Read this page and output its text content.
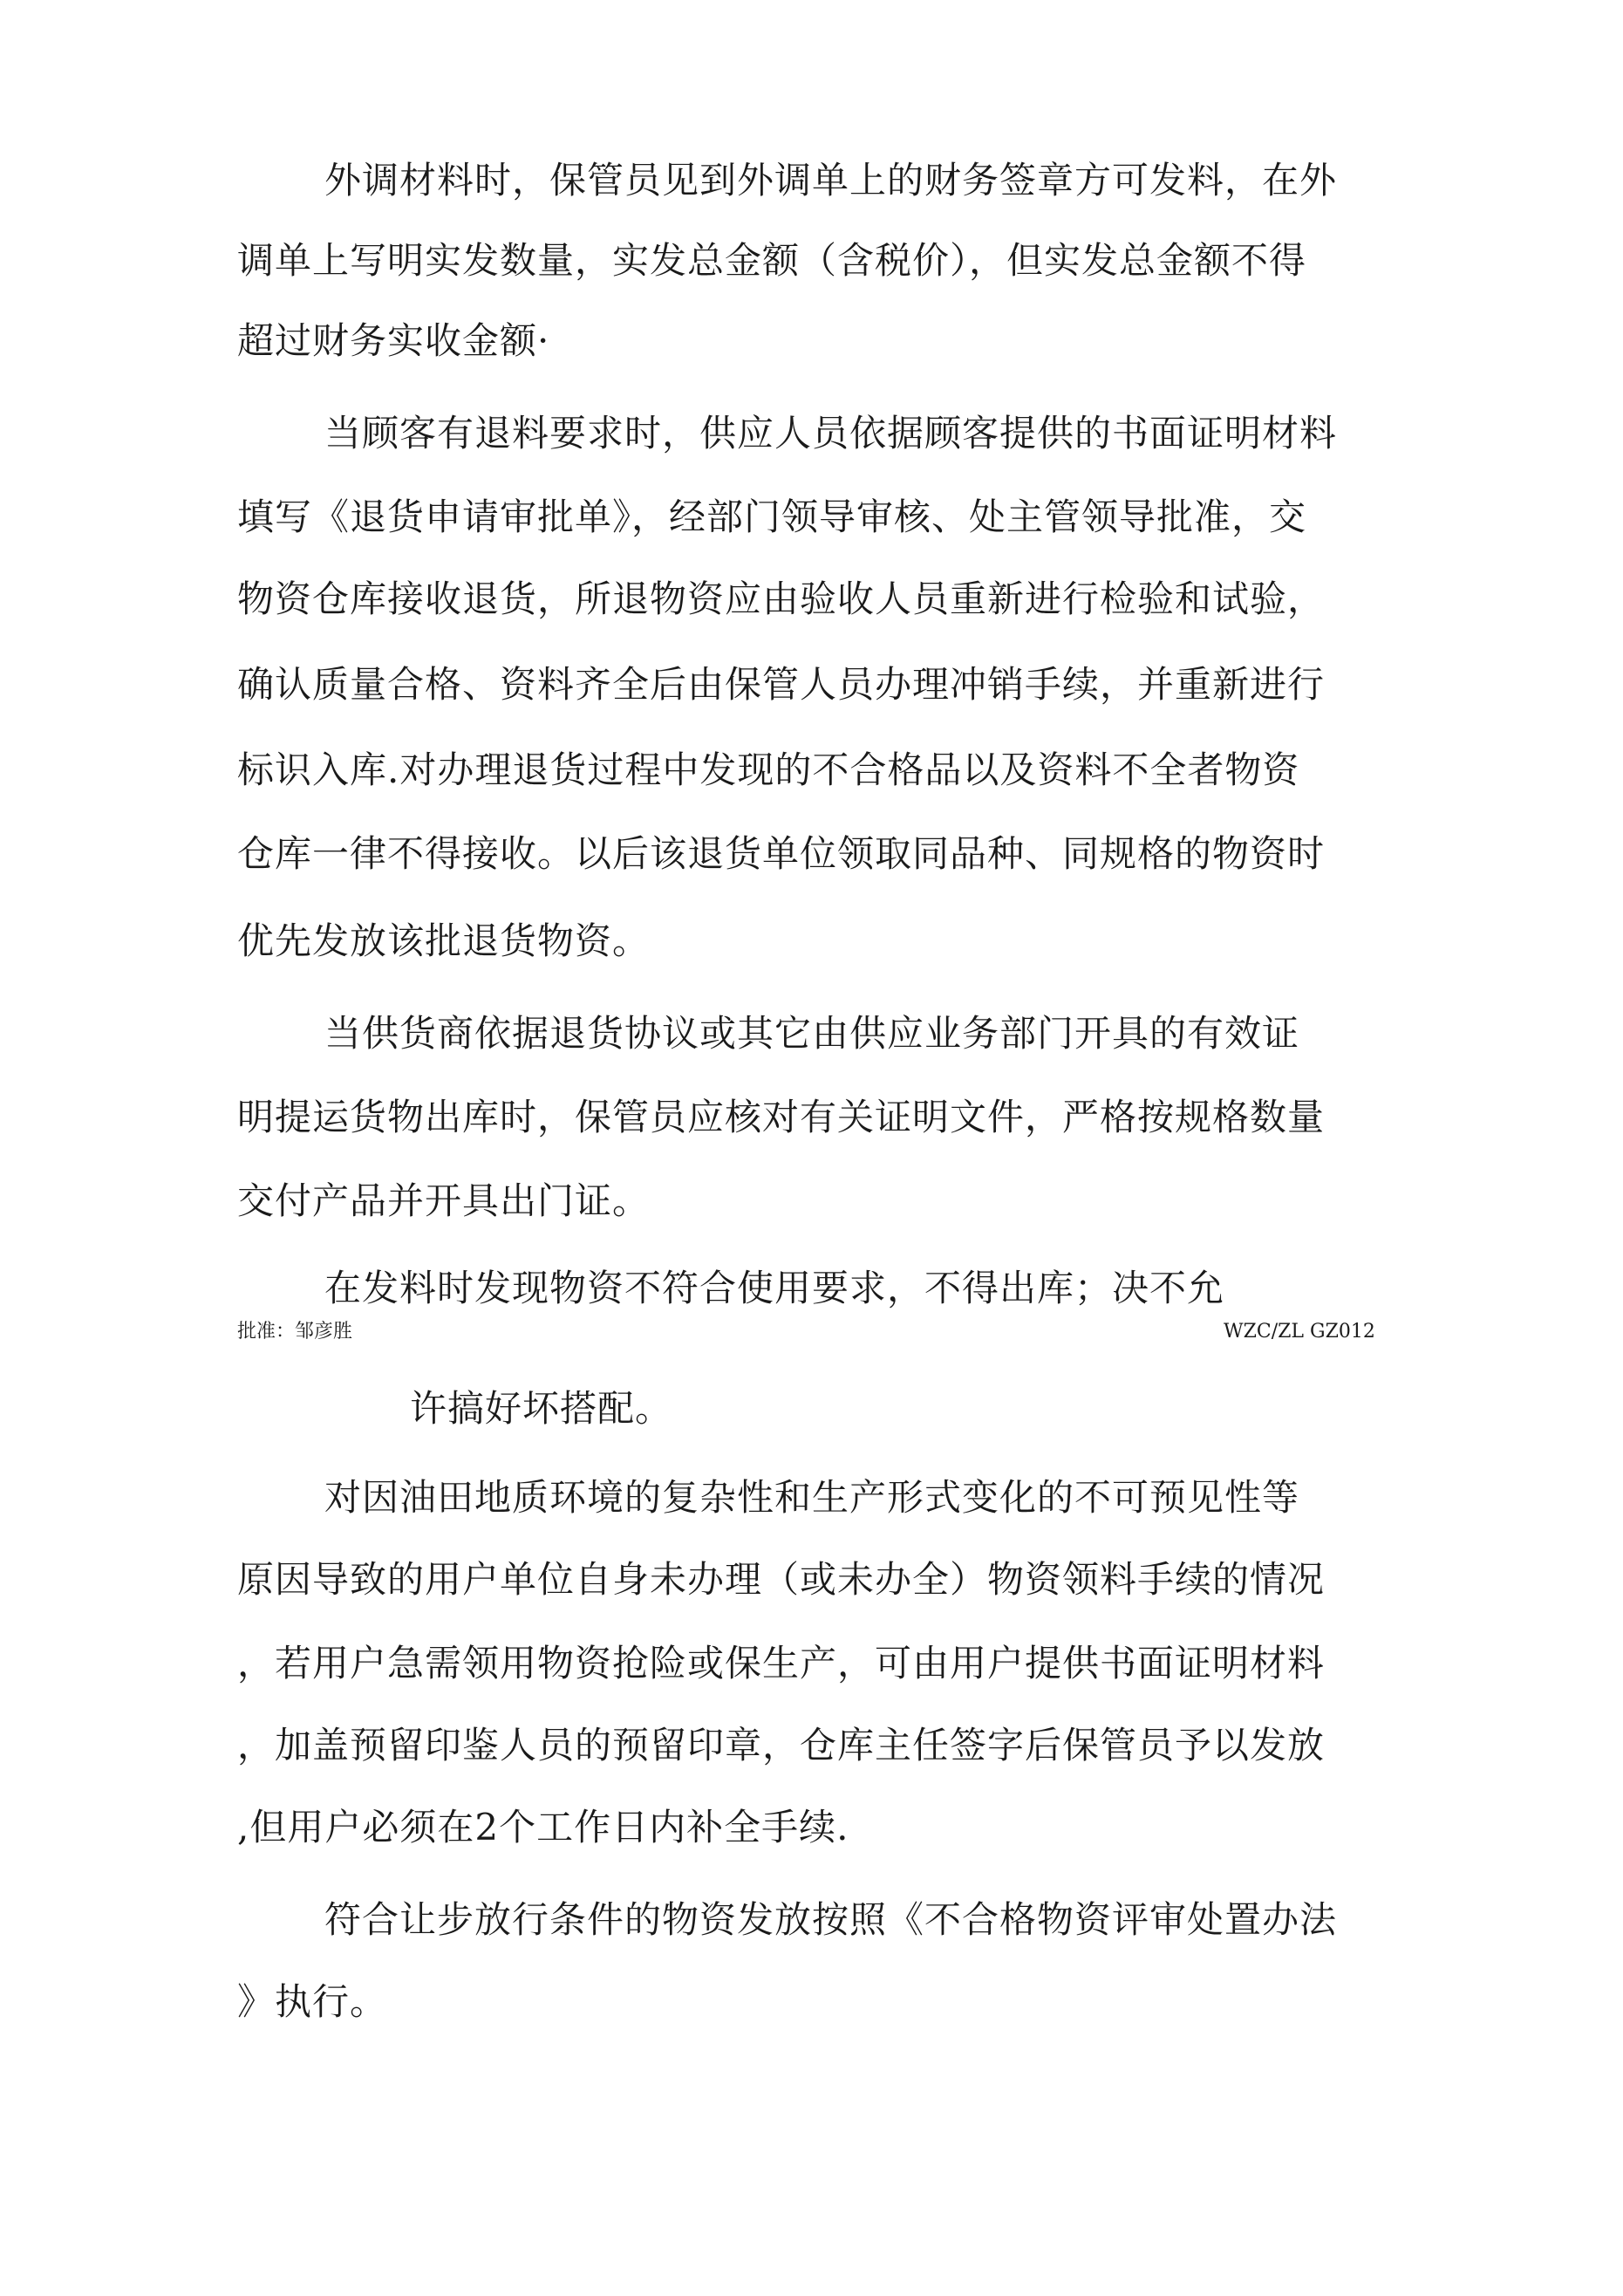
外调材料时，保管员见到外调单上的财务签章方可发料，在外
调单上写明实发数量，实发总金额（含税价），但实发总金额不得
超过财务实收金额·
当顾客有退料要求时，供应人员依据顾客提供的书面证明材料
填写《退货申请审批单》，经部门领导审核、处主管领导批准，交
物资仓库接收退货，所退物资应由验收人员重新进行检验和试验，
确认质量合格、资料齐全后由保管人员办理冲销手续，并重新进行
标识入库.对办理退货过程中发现的不合格品以及资料不全者物资
仓库一律不得接收。以后该退货单位领取同品种、同规格的物资时
优先发放该批退货物资。
当供货商依据退货协议或其它由供应业务部门开具的有效证
明提运货物出库时，保管员应核对有关证明文件，严格按规格数量
交付产品并开具出门证。
在发料时发现物资不符合使用要求，不得出库；决不允
批准：邹彦胜	WZC/ZL GZ012
许搞好坏搭配。
对因油田地质环境的复杂性和生产形式变化的不可预见性等
原因导致的用户单位自身未办理（或未办全）物资领料手续的情况
，若用户急需领用物资抢险或保生产，可由用户提供书面证明材料
，加盖预留印鉴人员的预留印章，仓库主任签字后保管员予以发放
,但用户必须在2个工作日内补全手续.
符合让步放行条件的物资发放按照《不合格物资评审处置办法
》执行。
